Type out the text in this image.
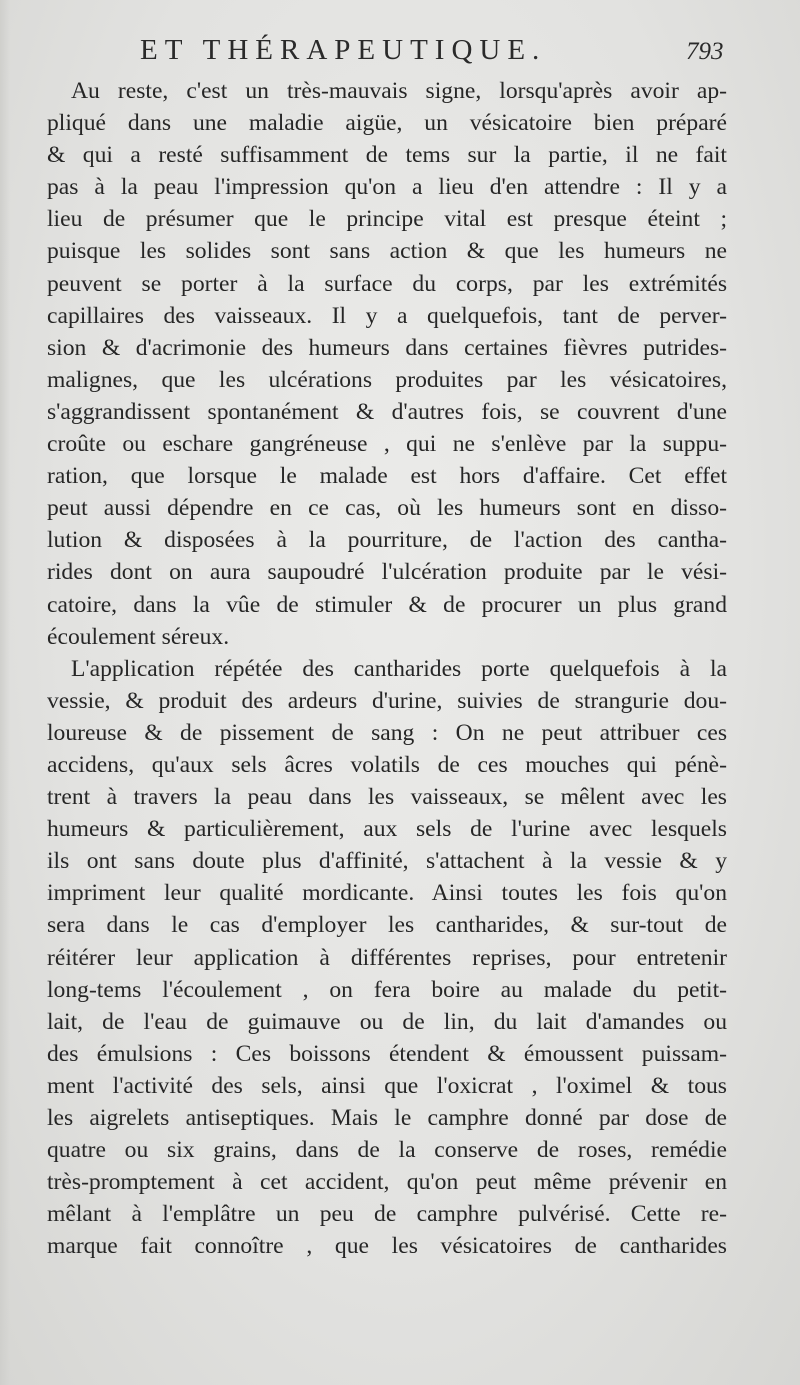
ET THÉRAPEUTIQUE.	793
Au reste, c'est un très-mauvais signe, lorsqu'après avoir ap-
pliqué dans une maladie aigüe, un vésicatoire bien préparé
& qui a resté suffisamment de tems sur la partie, il ne fait
pas à la peau l'impression qu'on a lieu d'en attendre : Il y a
lieu de présumer que le principe vital est presque éteint ;
puisque les solides sont sans action & que les humeurs ne
peuvent se porter à la surface du corps, par les extrémités
capillaires des vaisseaux. Il y a quelquefois, tant de perver-
sion & d'acrimonie des humeurs dans certaines fièvres putrides-
malignes, que les ulcérations produites par les vésicatoires,
s'aggrandissent spontanément & d'autres fois, se couvrent d'une
croûte ou eschare gangréneuse , qui ne s'enlève par la suppu-
ration, que lorsque le malade est hors d'affaire. Cet effet
peut aussi dépendre en ce cas, où les humeurs sont en disso-
lution & disposées à la pourriture, de l'action des cantha-
rides dont on aura saupoudré l'ulcération produite par le vési-
catoire, dans la vûe de stimuler & de procurer un plus grand
écoulement séreux.
L'application répétée des cantharides porte quelquefois à la
vessie, & produit des ardeurs d'urine, suivies de strangurie dou-
loureuse & de pissement de sang : On ne peut attribuer ces
accidens, qu'aux sels âcres volatils de ces mouches qui pénè-
trent à travers la peau dans les vaisseaux, se mêlent avec les
humeurs & particulièrement, aux sels de l'urine avec lesquels
ils ont sans doute plus d'affinité, s'attachent à la vessie & y
impriment leur qualité mordicante. Ainsi toutes les fois qu'on
sera dans le cas d'employer les cantharides, & sur-tout de
réitérer leur application à différentes reprises, pour entretenir
long-tems l'écoulement , on fera boire au malade du petit-
lait, de l'eau de guimauve ou de lin, du lait d'amandes ou
des émulsions : Ces boissons étendent & émoussent puissam-
ment l'activité des sels, ainsi que l'oxicrat , l'oximel & tous
les aigrelets antiseptiques. Mais le camphre donné par dose de
quatre ou six grains, dans de la conserve de roses, remédie
très-promptement à cet accident, qu'on peut même prévenir en
mêlant à l'emplâtre un peu de camphre pulvérisé. Cette re-
marque fait connoître , que les vésicatoires de cantharides
